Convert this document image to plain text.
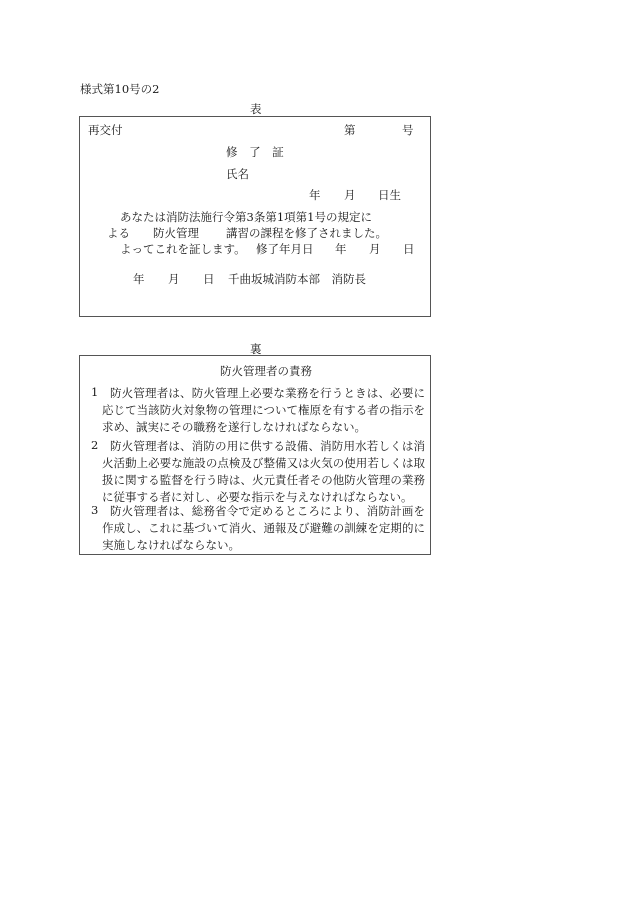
様式第10号の2
表
再交付	第	号
修 了 証
氏名
年 月 日生
あなたは消防法施行令第3条第1項第1号の規定に
よる 防火管理 講習の課程を修了されました。
よってこれを証します。 修了年月日 年 月 日
年 月 日 千曲坂城消防本部　消防長
裏
防火管理者の責務
1	防火管理者は、防火管理上必要な業務を行うときは、必要に
応じて当該防火対象物の管理について権原を有する者の指示を
求め、誠実にその職務を遂行しなければならない。
2	防火管理者は、消防の用に供する設備、消防用水若しくは消
火活動上必要な施設の点検及び整備又は火気の使用若しくは取
扱に関する監督を行う時は、火元責任者その他防火管理の業務
に従事する者に対し、必要な指示を与えなければならない。
3	防火管理者は、総務省令で定めるところにより、消防計画を
作成し、これに基づいて消火、通報及び避難の訓練を定期的に
実施しなければならない。
